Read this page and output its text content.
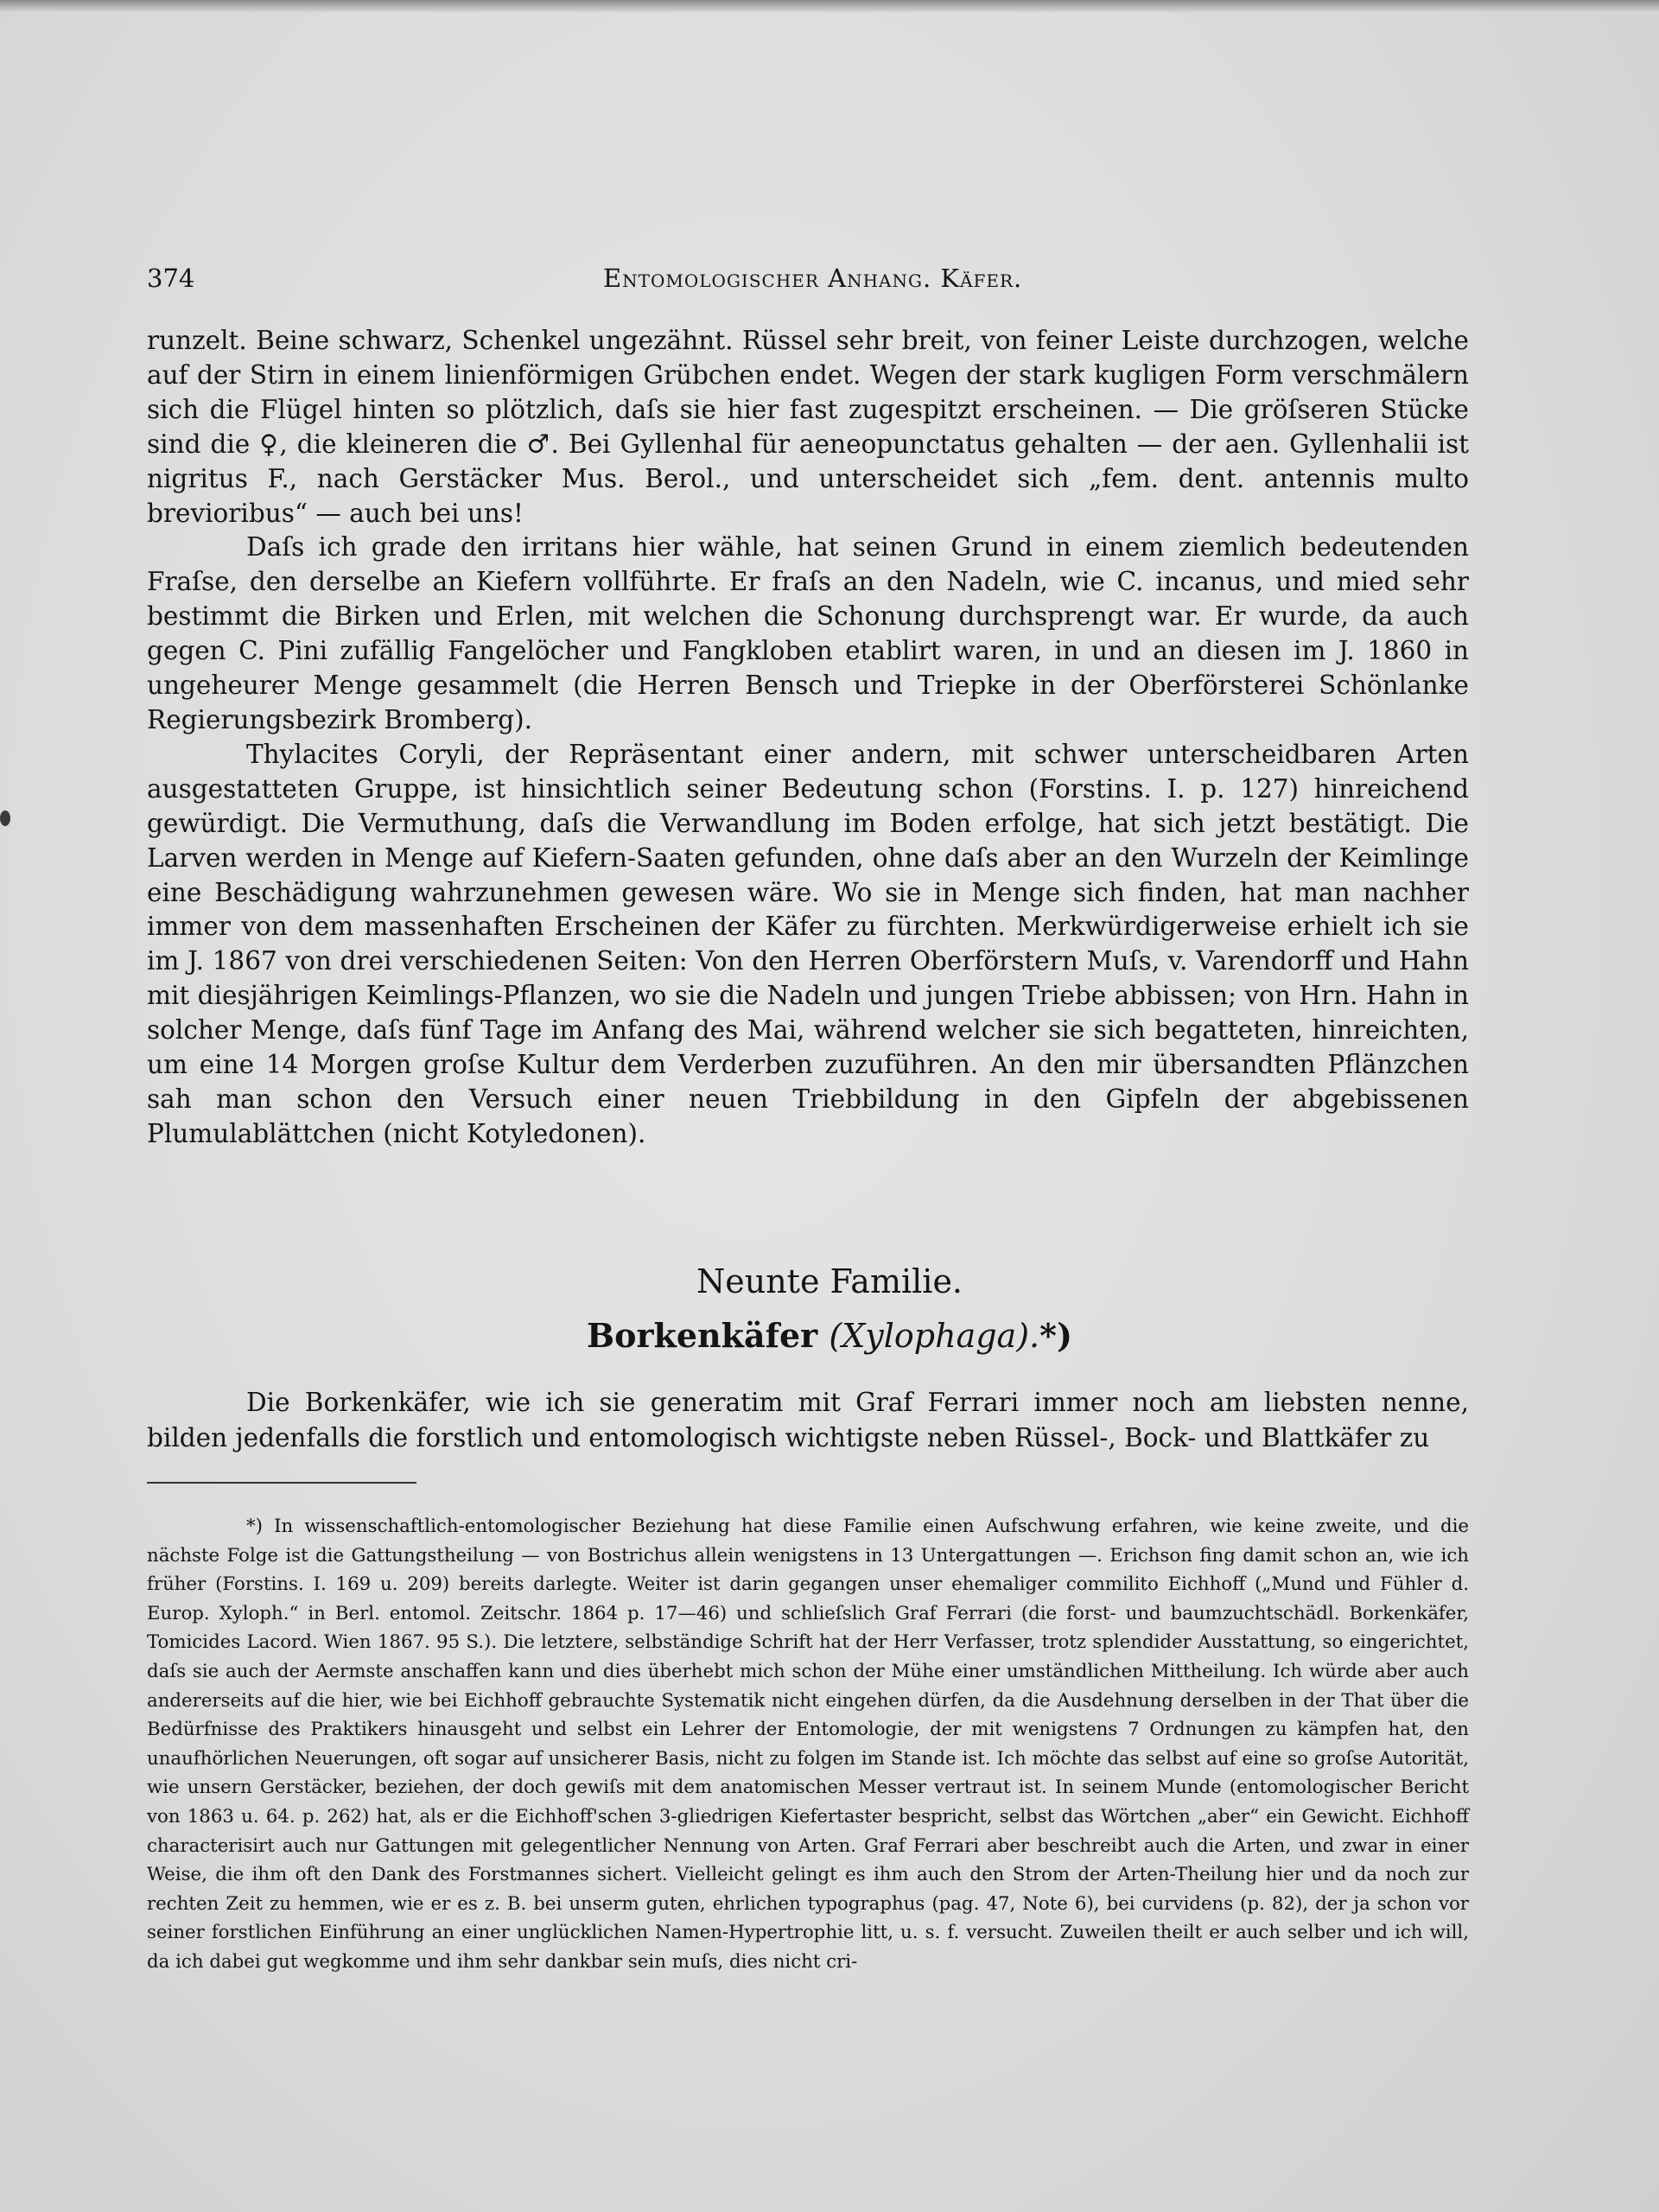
374	Entomologischer Anhang. Käfer.

runzelt. Beine schwarz, Schenkel ungezähnt. Rüssel sehr breit, von feiner Leiste durchzogen, welche auf der Stirn in einem linienförmigen Grübchen endet. Wegen der stark kugligen Form verschmälern sich die Flügel hinten so plötzlich, daſs sie hier fast zugespitzt erscheinen. — Die gröſseren Stücke sind die ♀, die kleineren die ♂. Bei Gyllenhal für aeneopunctatus gehalten — der aen. Gyllenhalii ist nigritus F., nach Gerstäcker Mus. Berol., und unterscheidet sich „fem. dent. antennis multo brevioribus“ — auch bei uns!

Daſs ich grade den irritans hier wähle, hat seinen Grund in einem ziemlich bedeutenden Fraſse, den derselbe an Kiefern vollführte. Er fraſs an den Nadeln, wie C. incanus, und mied sehr bestimmt die Birken und Erlen, mit welchen die Schonung durchsprengt war. Er wurde, da auch gegen C. Pini zufällig Fangelöcher und Fangkloben etablirt waren, in und an diesen im J. 1860 in ungeheurer Menge gesammelt (die Herren Bensch und Triepke in der Oberförsterei Schönlanke Regierungsbezirk Bromberg).

Thylacites Coryli, der Repräsentant einer andern, mit schwer unterscheidbaren Arten ausgestatteten Gruppe, ist hinsichtlich seiner Bedeutung schon (Forstins. I. p. 127) hinreichend gewürdigt. Die Vermuthung, daſs die Verwandlung im Boden erfolge, hat sich jetzt bestätigt. Die Larven werden in Menge auf Kiefern-Saaten gefunden, ohne daſs aber an den Wurzeln der Keimlinge eine Beschädigung wahrzunehmen gewesen wäre. Wo sie in Menge sich finden, hat man nachher immer von dem massenhaften Erscheinen der Käfer zu fürchten. Merkwürdigerweise erhielt ich sie im J. 1867 von drei verschiedenen Seiten: Von den Herren Oberförstern Muſs, v. Varendorff und Hahn mit diesjährigen Keimlings-Pflanzen, wo sie die Nadeln und jungen Triebe abbissen; von Hrn. Hahn in solcher Menge, daſs fünf Tage im Anfang des Mai, während welcher sie sich begatteten, hinreichten, um eine 14 Morgen groſse Kultur dem Verderben zuzuführen. An den mir übersandten Pflänzchen sah man schon den Versuch einer neuen Triebbildung in den Gipfeln der abgebissenen Plumulablättchen (nicht Kotyledonen).

Neunte Familie.
Borkenkäfer (Xylophaga).*)

Die Borkenkäfer, wie ich sie generatim mit Graf Ferrari immer noch am liebsten nenne, bilden jedenfalls die forstlich und entomologisch wichtigste neben Rüssel-, Bock- und Blattkäfer zu

*) In wissenschaftlich-entomologischer Beziehung hat diese Familie einen Aufschwung erfahren, wie keine zweite, und die nächste Folge ist die Gattungstheilung — von Bostrichus allein wenigstens in 13 Untergattungen —. Erichson fing damit schon an, wie ich früher (Forstins. I. 169 u. 209) bereits darlegte. Weiter ist darin gegangen unser ehemaliger commilito Eichhoff („Mund und Fühler d. Europ. Xyloph.“ in Berl. entomol. Zeitschr. 1864 p. 17—46) und schlieſslich Graf Ferrari (die forst- und baumzuchtschädl. Borkenkäfer, Tomicides Lacord. Wien 1867. 95 S.). Die letztere, selbständige Schrift hat der Herr Verfasser, trotz splendider Ausstattung, so eingerichtet, daſs sie auch der Aermste anschaffen kann und dies überhebt mich schon der Mühe einer umständlichen Mittheilung. Ich würde aber auch andererseits auf die hier, wie bei Eichhoff gebrauchte Systematik nicht eingehen dürfen, da die Ausdehnung derselben in der That über die Bedürfnisse des Praktikers hinausgeht und selbst ein Lehrer der Entomologie, der mit wenigstens 7 Ordnungen zu kämpfen hat, den unaufhörlichen Neuerungen, oft sogar auf unsicherer Basis, nicht zu folgen im Stande ist. Ich möchte das selbst auf eine so groſse Autorität, wie unsern Gerstäcker, beziehen, der doch gewiſs mit dem anatomischen Messer vertraut ist. In seinem Munde (entomologischer Bericht von 1863 u. 64. p. 262) hat, als er die Eichhoff'schen 3-gliedrigen Kiefertaster bespricht, selbst das Wörtchen „aber“ ein Gewicht. Eichhoff characterisirt auch nur Gattungen mit gelegentlicher Nennung von Arten. Graf Ferrari aber beschreibt auch die Arten, und zwar in einer Weise, die ihm oft den Dank des Forstmannes sichert. Vielleicht gelingt es ihm auch den Strom der Arten-Theilung hier und da noch zur rechten Zeit zu hemmen, wie er es z. B. bei unserm guten, ehrlichen typographus (pag. 47, Note 6), bei curvidens (p. 82), der ja schon vor seiner forstlichen Einführung an einer unglücklichen Namen-Hypertrophie litt, u. s. f. versucht. Zuweilen theilt er auch selber und ich will, da ich dabei gut wegkomme und ihm sehr dankbar sein muſs, dies nicht cri-
